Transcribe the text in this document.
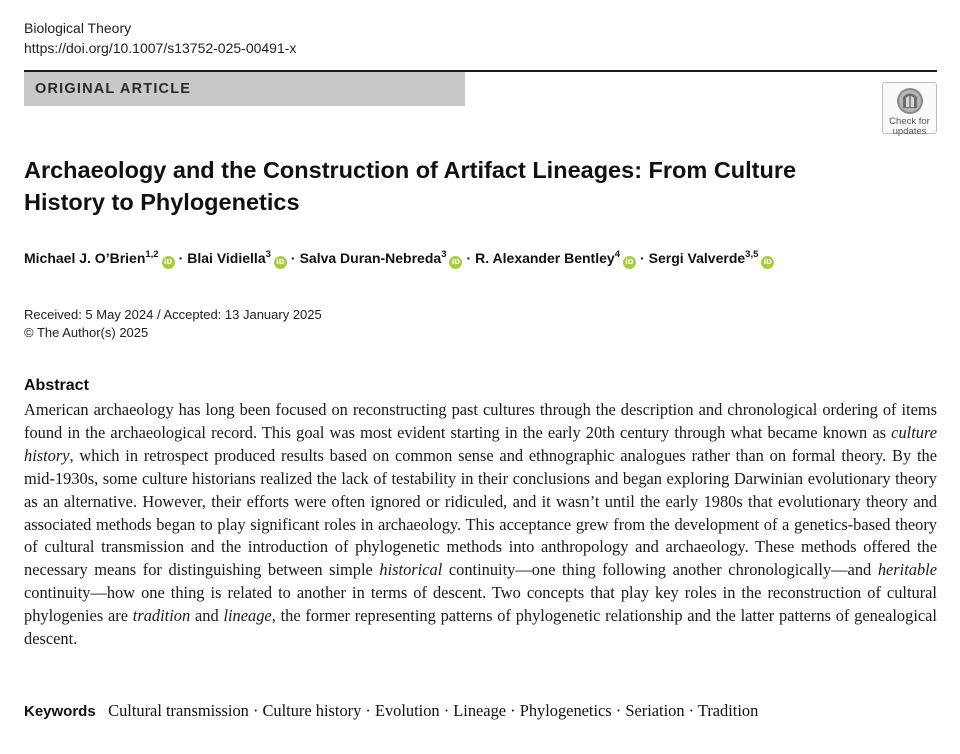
Biological Theory
https://doi.org/10.1007/s13752-025-00491-x
ORIGINAL ARTICLE
Check for updates
Archaeology and the Construction of Artifact Lineages: From Culture
History to Phylogenetics
Michael J. O’Brien$^{1,2}$iD · Blai Vidiella$^3$iD · Salva Duran-Nebreda$^3$iD · R. Alexander Bentley$^4$iD · Sergi Valverde$^{3,5}$iD
Received: 5 May 2024 / Accepted: 13 January 2025
© The Author(s) 2025
Abstract
American archaeology has long been focused on reconstructing past cultures through the description and chronological ordering of items found in the archaeological record. This goal was most evident starting in the early 20th century through what became known as culture history, which in retrospect produced results based on common sense and ethnographic analogues rather than on formal theory. By the mid-1930s, some culture historians realized the lack of testability in their conclusions and began exploring Darwinian evolutionary theory as an alternative. However, their efforts were often ignored or ridiculed, and it wasn’t until the early 1980s that evolutionary theory and associated methods began to play significant roles in archaeology. This acceptance grew from the development of a genetics-based theory of cultural transmission and the introduction of phylogenetic methods into anthropology and archaeology. These methods offered the necessary means for distinguishing between simple historical continuity—one thing following another chronologically—and heritable continuity—how one thing is related to another in terms of descent. Two concepts that play key roles in the reconstruction of cultural phylogenies are tradition and lineage, the former representing patterns of phylogenetic relationship and the latter patterns of genealogical descent.
Keywords Cultural transmission · Culture history · Evolution · Lineage · Phylogenetics · Seriation · Tradition
